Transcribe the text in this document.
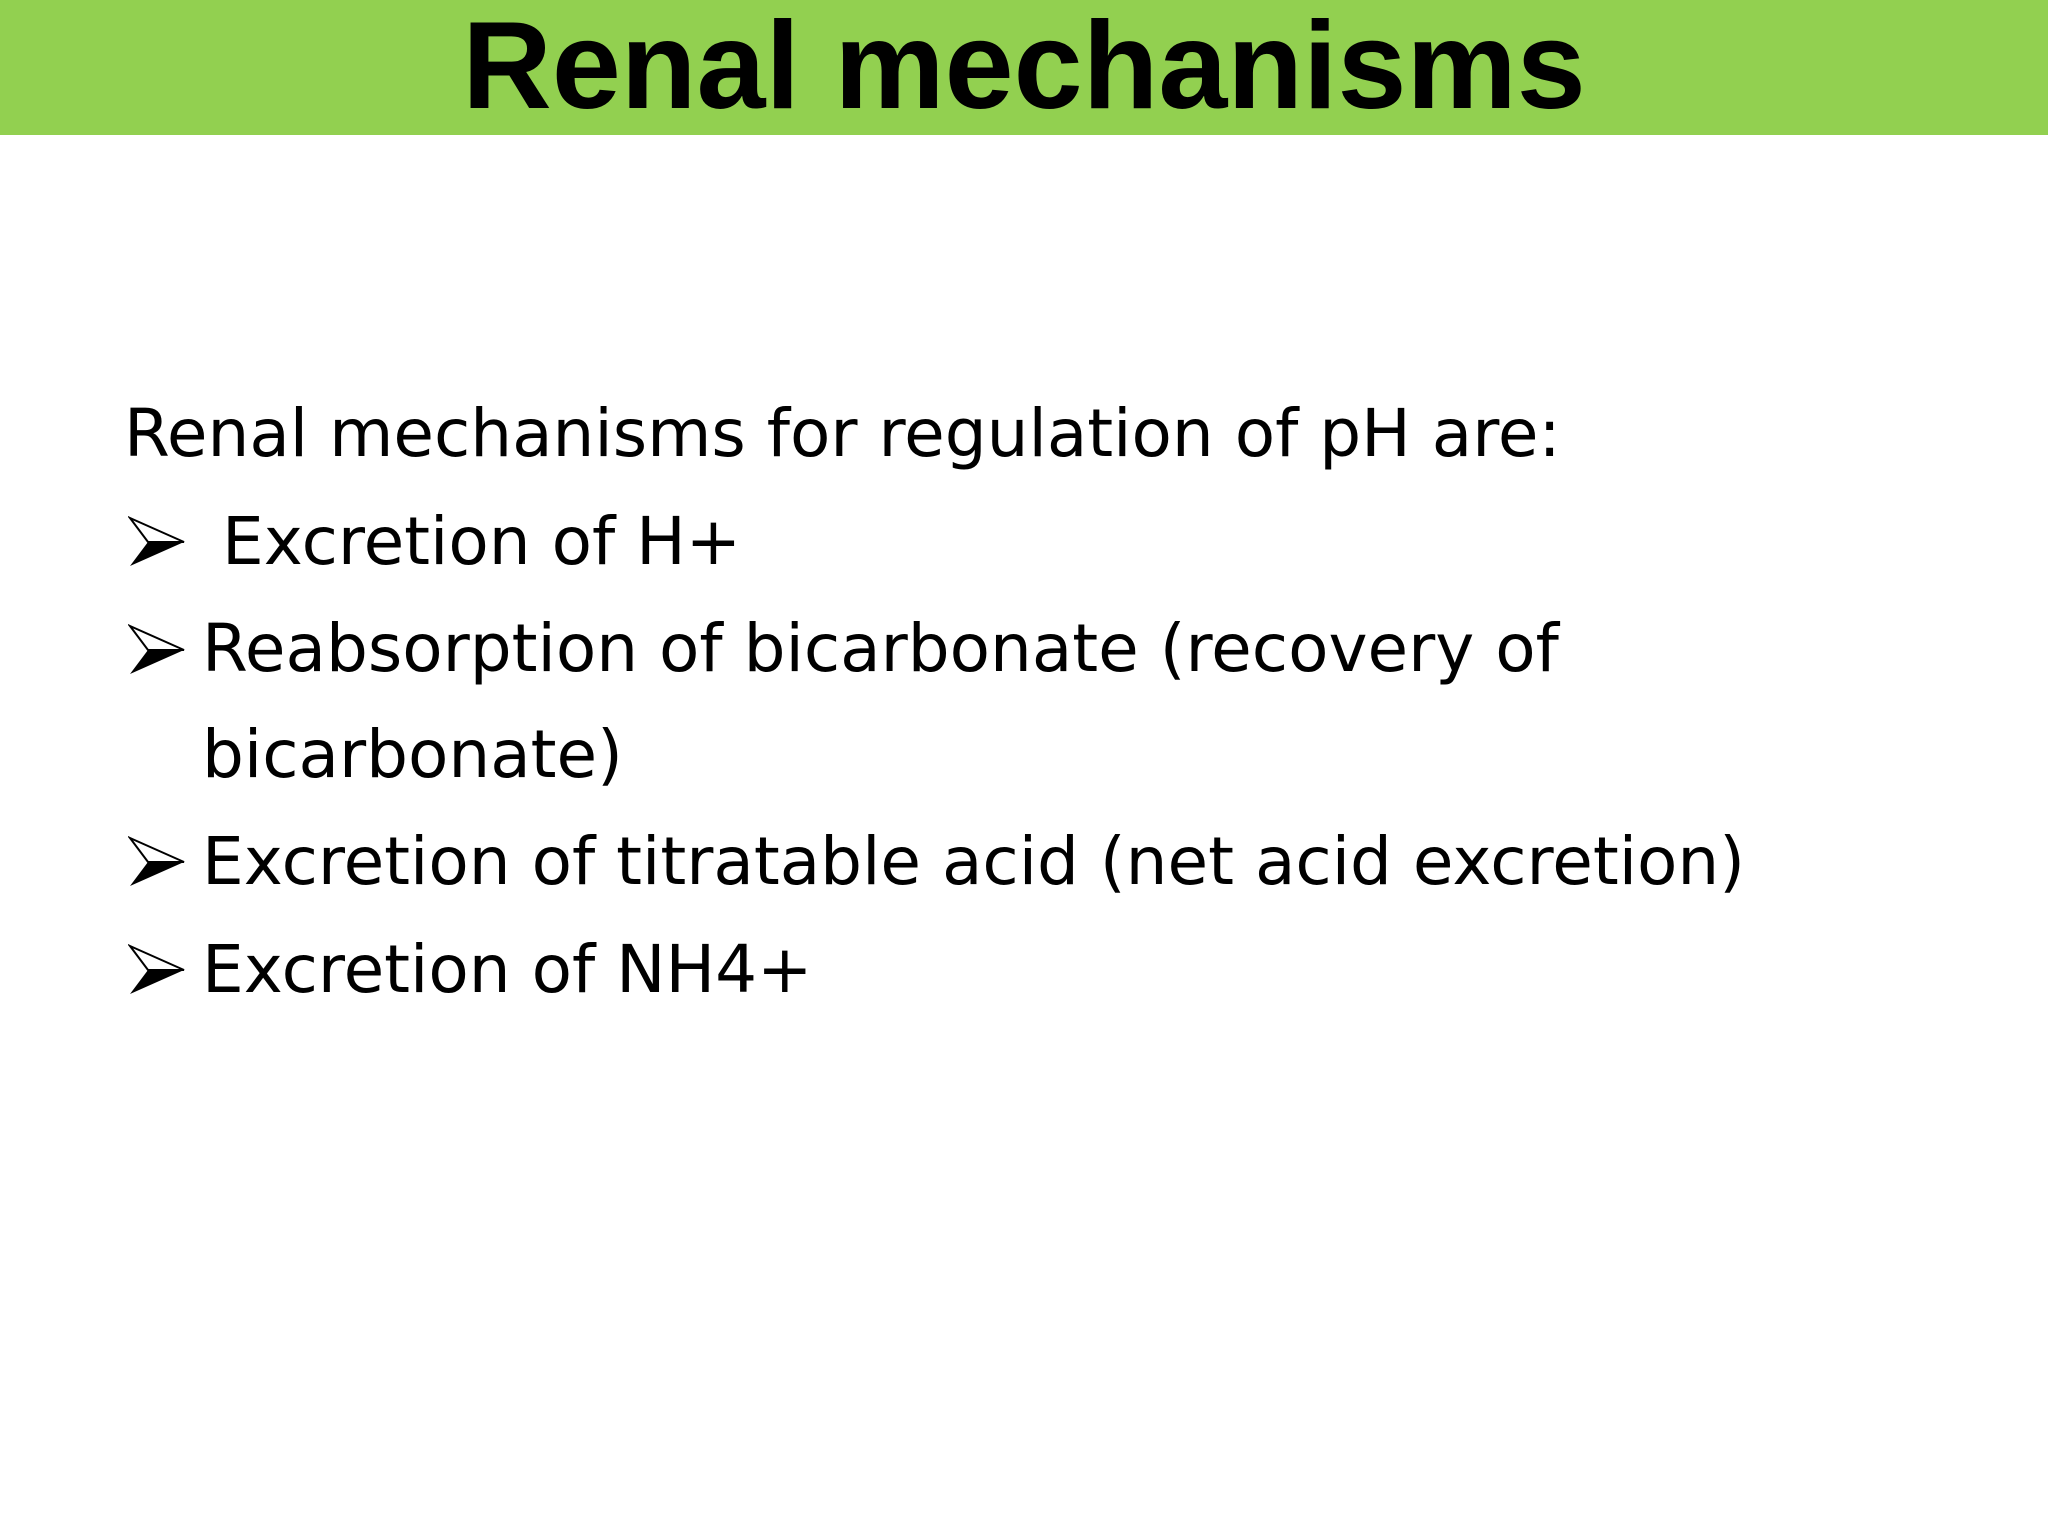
Renal mechanisms

Renal mechanisms for regulation of pH are:

Excretion of H+
Reabsorption of bicarbonate (recovery of bicarbonate)
Excretion of titratable acid (net acid excretion)
Excretion of NH4+
